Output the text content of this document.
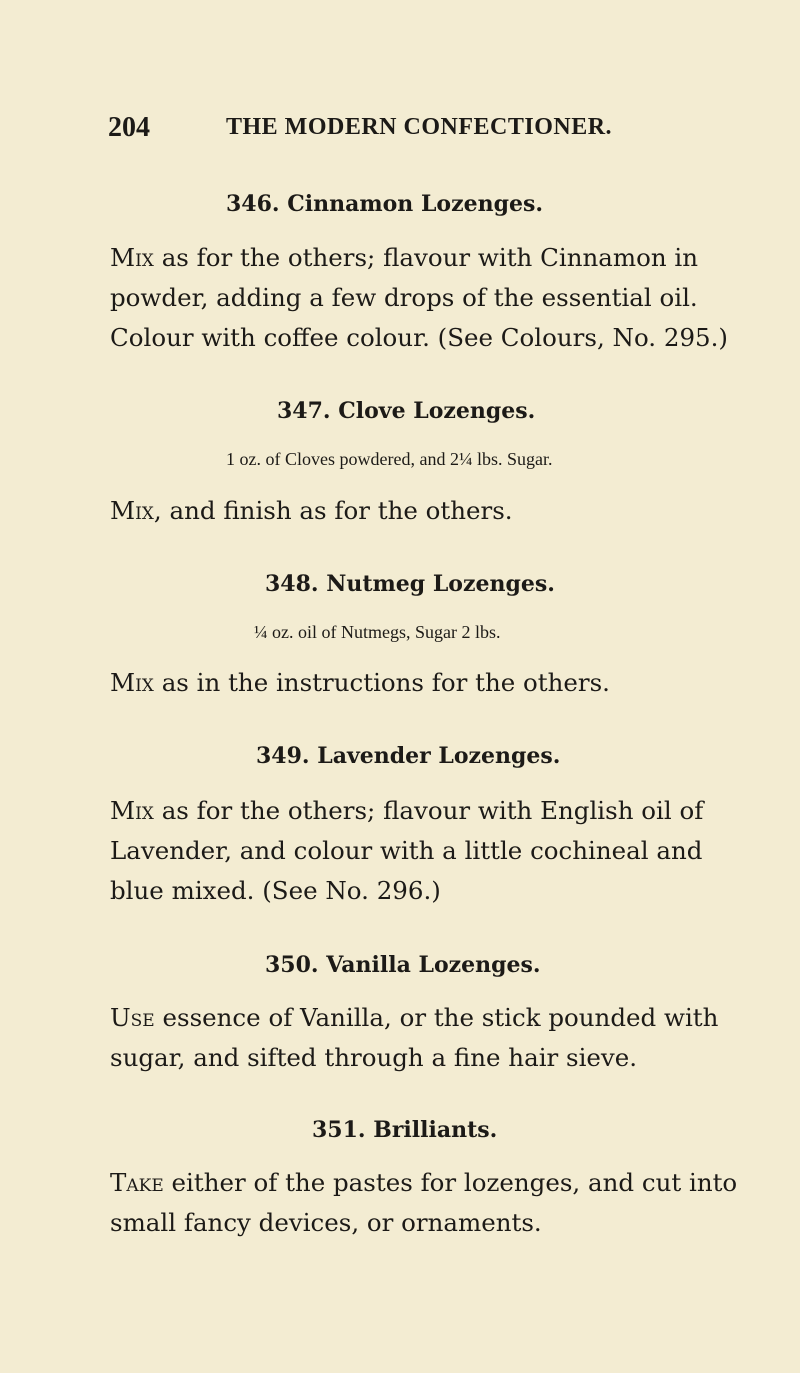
204	THE MODERN CONFECTIONER.
346. Cinnamon Lozenges.
Mix as for the others; flavour with Cinnamon in
powder, adding a few drops of the essential oil.
Colour with coffee colour. (See Colours, No. 295.)
347. Clove Lozenges.
1 oz. of Cloves powdered, and 2¼ lbs. Sugar.
Mix, and finish as for the others.
348. Nutmeg Lozenges.
¼ oz. oil of Nutmegs, Sugar 2 lbs.
Mix as in the instructions for the others.
349. Lavender Lozenges.
Mix as for the others; flavour with English oil of
Lavender, and colour with a little cochineal and
blue mixed. (See No. 296.)
350. Vanilla Lozenges.
Use essence of Vanilla, or the stick pounded with
sugar, and sifted through a fine hair sieve.
351. Brilliants.
Take either of the pastes for lozenges, and cut into
small fancy devices, or ornaments.
